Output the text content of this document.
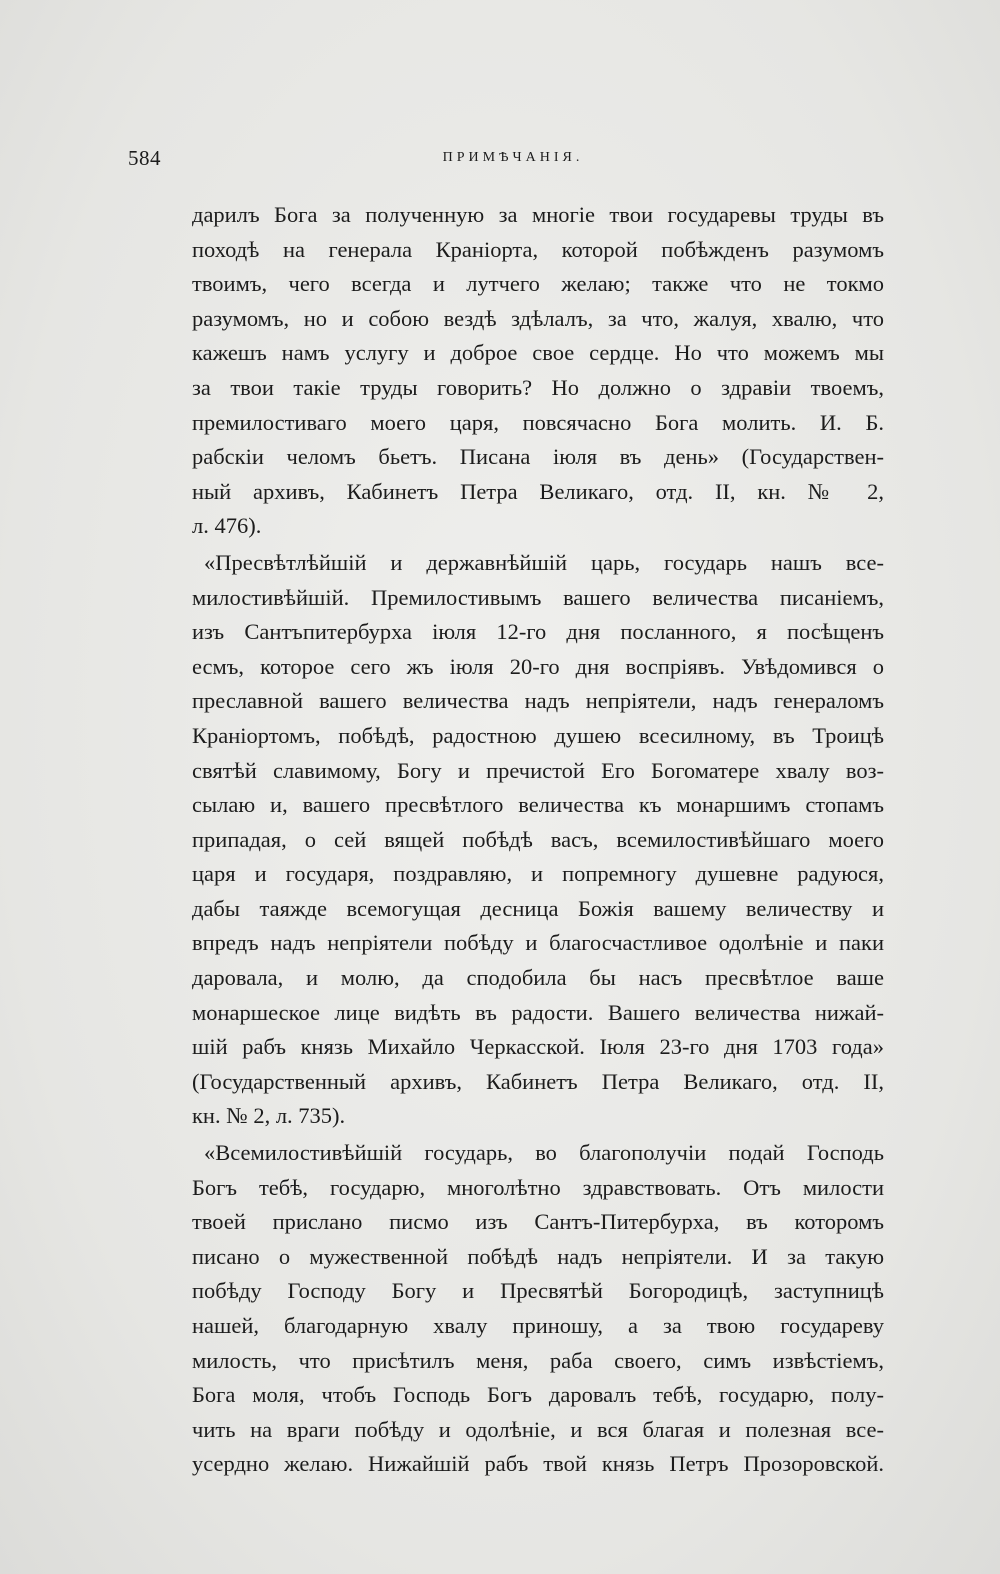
584	ПРИМѢЧАНІЯ.
дарилъ Бога за полученную за многіе твои государевы труды въ
походѣ на генерала Краніорта, которой побѣжденъ разумомъ
твоимъ, чего всегда и лутчего желаю; также что не токмо
разумомъ, но и собою вездѣ здѣлалъ, за что, жалуя, хвалю, что
кажешъ намъ услугу и доброе свое сердце. Но что можемъ мы
за твои такіе труды говорить? Но должно о здравіи твоемъ,
премилостиваго моего царя, повсячасно Бога молить. И. Б.
рабскіи челомъ бьетъ. Писана іюля въ день» (Государствен-
ный архивъ, Кабинетъ Петра Великаго, отд. II, кн. № 2,
л. 476).
«Пресвѣтлѣйшій и державнѣйшій царь, государь нашъ все-
милостивѣйшій. Премилостивымъ вашего величества писаніемъ,
изъ Сантъпитербурха іюля 12-го дня посланного, я посѣщенъ
есмъ, которое сего жъ іюля 20-го дня воспріявъ. Увѣдомився о
преславной вашего величества надъ непріятели, надъ генераломъ
Краніортомъ, побѣдѣ, радостною душею всесилному, въ Троицѣ
святѣй славимому, Богу и пречистой Его Богоматере хвалу воз-
сылаю и, вашего пресвѣтлого величества къ монаршимъ стопамъ
припадая, о сей вящей побѣдѣ васъ, всемилостивѣйшаго моего
царя и государя, поздравляю, и попремногу душевне радуюся,
дабы таяжде всемогущая десница Божія вашему величеству и
впредъ надъ непріятели побѣду и благосчастливое одолѣніе и паки
даровала, и молю, да сподобила бы насъ пресвѣтлое ваше
монаршеское лице видѣть въ радости. Вашего величества нижай-
шій рабъ князь Михайло Черкасской. Іюля 23-го дня 1703 года»
(Государственный архивъ, Кабинетъ Петра Великаго, отд. II,
кн. № 2, л. 735).
«Всемилостивѣйшій государь, во благополучіи подай Господь
Богъ тебѣ, государю, многолѣтно здравствовать. Отъ милости
твоей прислано писмо изъ Сантъ-Питербурха, въ которомъ
писано о мужественной побѣдѣ надъ непріятели. И за такую
побѣду Господу Богу и Пресвятѣй Богородицѣ, заступницѣ
нашей, благодарную хвалу приношу, а за твою государеву
милость, что присѣтилъ меня, раба своего, симъ извѣстіемъ,
Бога моля, чтобъ Господь Богъ даровалъ тебѣ, государю, полу-
чить на враги побѣду и одолѣніе, и вся благая и полезная все-
усердно желаю. Нижайшій рабъ твой князь Петръ Прозоровской.
